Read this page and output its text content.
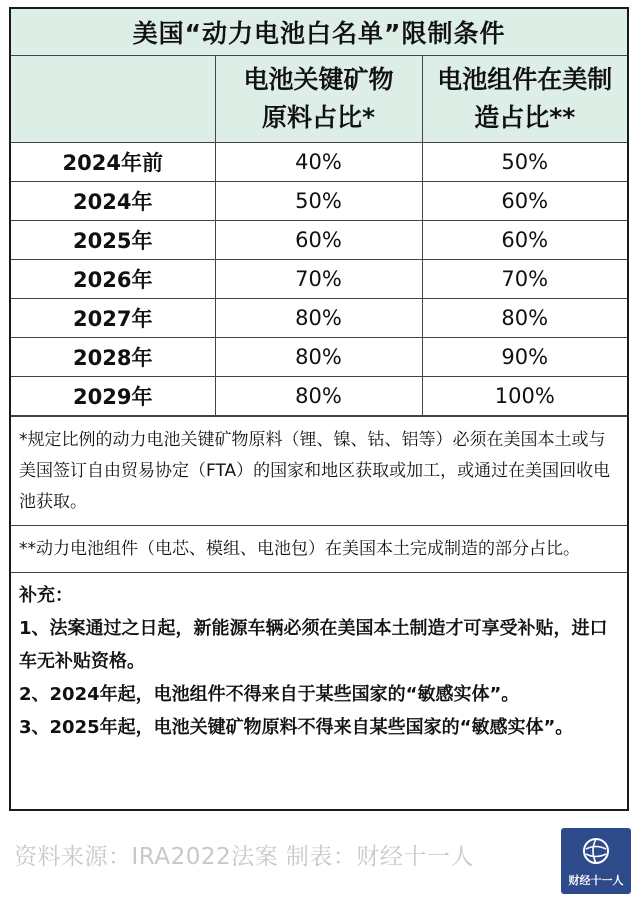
美国“动力电池白名单”限制条件		
	电池关键矿物原料占比*	电池组件在美制造占比**
2024年前	40%	50%
2024年	50%	60%
2025年	60%	60%
2026年	70%	70%
2027年	80%	80%
2028年	80%	90%
2029年	80%	100%
*规定比例的动力电池关键矿物原料（锂、镍、钴、铝等）必须在美国本土或与美国签订自由贸易协定（FTA）的国家和地区获取或加工，或通过在美国回收电池获取。
**动力电池组件（电芯、模组、电池包）在美国本土完成制造的部分占比。
补充：
1、法案通过之日起，新能源车辆必须在美国本土制造才可享受补贴，进口车无补贴资格。
2、2024年起，电池组件不得来自于某些国家的“敏感实体”。
3、2025年起，电池关键矿物原料不得来自某些国家的“敏感实体”。
资料来源：IRA2022法案 制表：财经十一人
财经十一人
